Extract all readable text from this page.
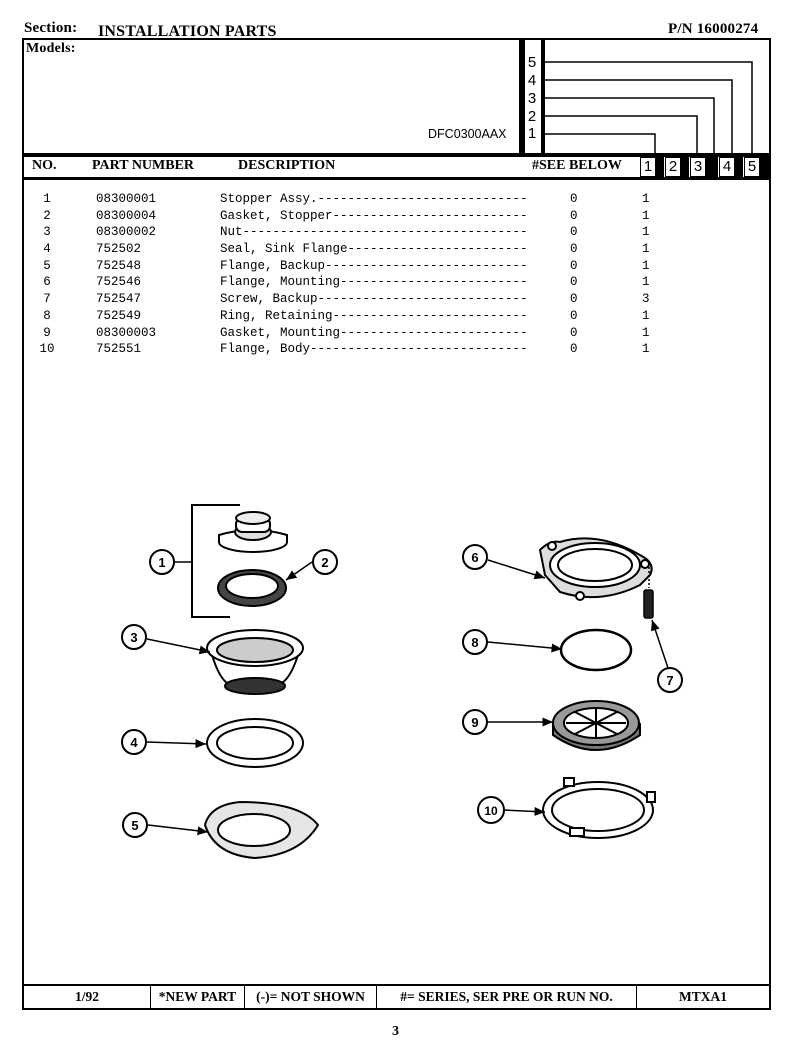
Section: INSTALLATION PARTS	P/N 16000274
Models:
5
4
3
2
1
DFC0300AAX
NO.	PART NUMBER	DESCRIPTION	#SEE BELOW 1 2 3 4 5
1	08300001	Stopper Assy.----------------------------	0	1
2	08300004	Gasket, Stopper--------------------------	0	1
3	08300002	Nut--------------------------------------	0	1
4	752502	Seal, Sink Flange------------------------	0	1
5	752548	Flange, Backup---------------------------	0	1
6	752546	Flange, Mounting-------------------------	0	1
7	752547	Screw, Backup----------------------------	0	3
8	752549	Ring, Retaining--------------------------	0	1
9	08300003	Gasket, Mounting-------------------------	0	1
10	752551	Flange, Body-----------------------------	0	1
1	2
3
4
5
6
7
8
9
10
1/92	*NEW PART	(-)= NOT SHOWN	#= SERIES, SER PRE OR RUN NO.	MTXA1
3
